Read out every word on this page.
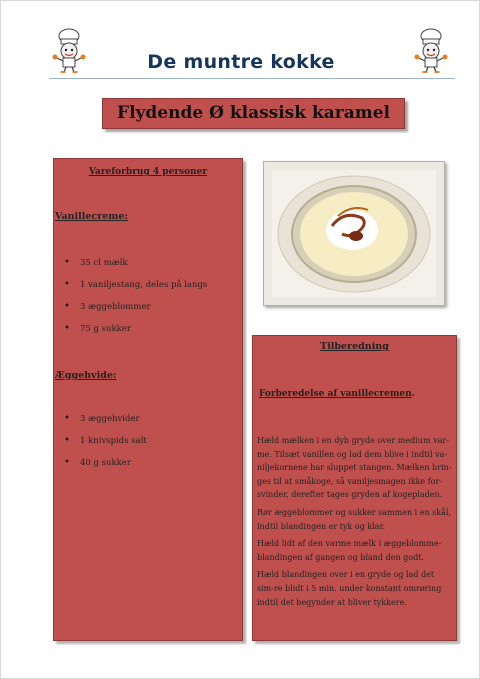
De muntre kokke
Flydende Ø klassisk karamel
Vareforbrug 4 personer
Vanillecreme:
• 35 cl mælk
• 1 vaniljestang, deles på langs
• 3 æggeblommer
• 75 g sukker
Æggehvide:
• 3 æggehvider
• 1 knivspids salt
• 40 g sukker
Tilberedning
Forberedelse af vanillecremen.

Hæld mælken i en dyb gryde over medium var-me. Tilsæt vanillen og lad dem blive i indtil va-niljekornene har sluppet stangen. Mælken brin-ges til at småkoge, så vaniljesmagen ikke for-svinder, derefter tages gryden af kogepladen.

Rør æggeblommer og sukker sammen i en skål, indtil blandingen er tyk og klar.

Hæld lidt af den varme mælk i æggeblomme-blandingen af gangen og bland den godt.

Hæld blandingen over i en gryde og lad det sim-re blidt i 5 min. under konstant omrøring indtil det begynder at bliver tykkere.
